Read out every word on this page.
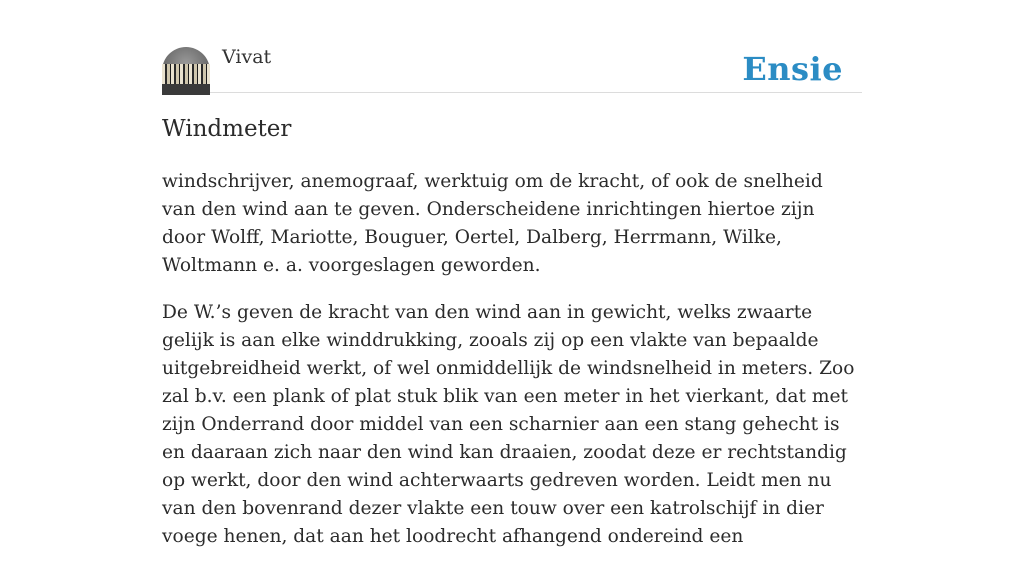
Vivat	Ensie
Windmeter

windschrijver, anemograaf, werktuig om de kracht, of ook de snelheid van den wind aan te geven. Onderscheidene inrichtingen hiertoe zijn door Wolff, Mariotte, Bouguer, Oertel, Dalberg, Herrmann, Wilke, Woltmann e. a. voorgeslagen geworden.

De W.’s geven de kracht van den wind aan in gewicht, welks zwaarte gelijk is aan elke winddrukking, zooals zij op een vlakte van bepaalde uitgebreidheid werkt, of wel onmiddellijk de windsnelheid in meters. Zoo zal b.v. een plank of plat stuk blik van een meter in het vierkant, dat met zijn Onderrand door middel van een scharnier aan een stang gehecht is en daaraan zich naar den wind kan draaien, zoodat deze er rechtstandig op werkt, door den wind achterwaarts gedreven worden. Leidt men nu van den bovenrand dezer vlakte een touw over een katrolschijf in dier voege henen, dat aan het loodrecht afhangend ondereind een
